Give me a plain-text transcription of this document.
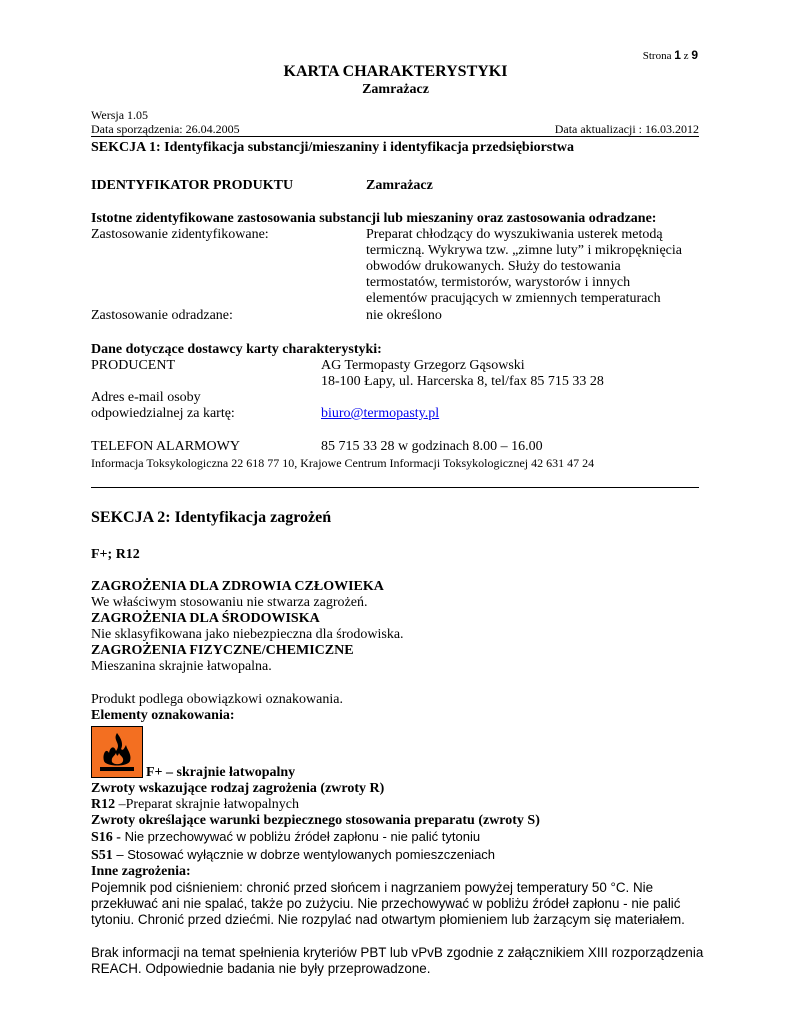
Strona 1 z 9
KARTA CHARAKTERYSTYKI
Zamrażacz
Wersja 1.05
Data sporządzenia: 26.04.2005	Data aktualizacji : 16.03.2012
SEKCJA 1: Identyfikacja substancji/mieszaniny i identyfikacja przedsiębiorstwa
IDENTYFIKATOR PRODUKTU	Zamrażacz
Istotne zidentyfikowane zastosowania substancji lub mieszaniny oraz zastosowania odradzane:
Zastosowanie zidentyfikowane:	Preparat chłodzący do wyszukiwania usterek metodą
termiczną. Wykrywa tzw. „zimne luty” i mikropęknięcia
obwodów drukowanych. Służy do testowania
termostatów, termistorów, warystorów i innych
elementów pracujących w zmiennych temperaturach
Zastosowanie odradzane:	nie określono
Dane dotyczące dostawcy karty charakterystyki:
PRODUCENT	AG Termopasty Grzegorz Gąsowski
18-100 Łapy, ul. Harcerska 8, tel/fax 85 715 33 28
Adres e-mail osoby
odpowiedzialnej za kartę:	biuro@termopasty.pl
TELEFON ALARMOWY	85 715 33 28 w godzinach 8.00 – 16.00
Informacja Toksykologiczna 22 618 77 10, Krajowe Centrum Informacji Toksykologicznej 42 631 47 24
SEKCJA 2: Identyfikacja zagrożeń
F+; R12
ZAGROŻENIA DLA ZDROWIA CZŁOWIEKA
We właściwym stosowaniu nie stwarza zagrożeń.
ZAGROŻENIA DLA ŚRODOWISKA
Nie sklasyfikowana jako niebezpieczna dla środowiska.
ZAGROŻENIA FIZYCZNE/CHEMICZNE
Mieszanina skrajnie łatwopalna.
Produkt podlega obowiązkowi oznakowania.
Elementy oznakowania:
F+ – skrajnie łatwopalny
Zwroty wskazujące rodzaj zagrożenia (zwroty R)
R12 –Preparat skrajnie łatwopalnych
Zwroty określające warunki bezpiecznego stosowania preparatu (zwroty S)
S16 - Nie przechowywać w pobliżu źródeł zapłonu - nie palić tytoniu
S51 – Stosować wyłącznie w dobrze wentylowanych pomieszczeniach
Inne zagrożenia:
Pojemnik pod ciśnieniem: chronić przed słońcem i nagrzaniem powyżej temperatury 50 °C. Nie
przekłuwać ani nie spalać, także po zużyciu. Nie przechowywać w pobliżu źródeł zapłonu - nie palić
tytoniu. Chronić przed dziećmi. Nie rozpylać nad otwartym płomieniem lub żarzącym się materiałem.
Brak informacji na temat spełnienia kryteriów PBT lub vPvB zgodnie z załącznikiem XIII rozporządzenia
REACH. Odpowiednie badania nie były przeprowadzone.
